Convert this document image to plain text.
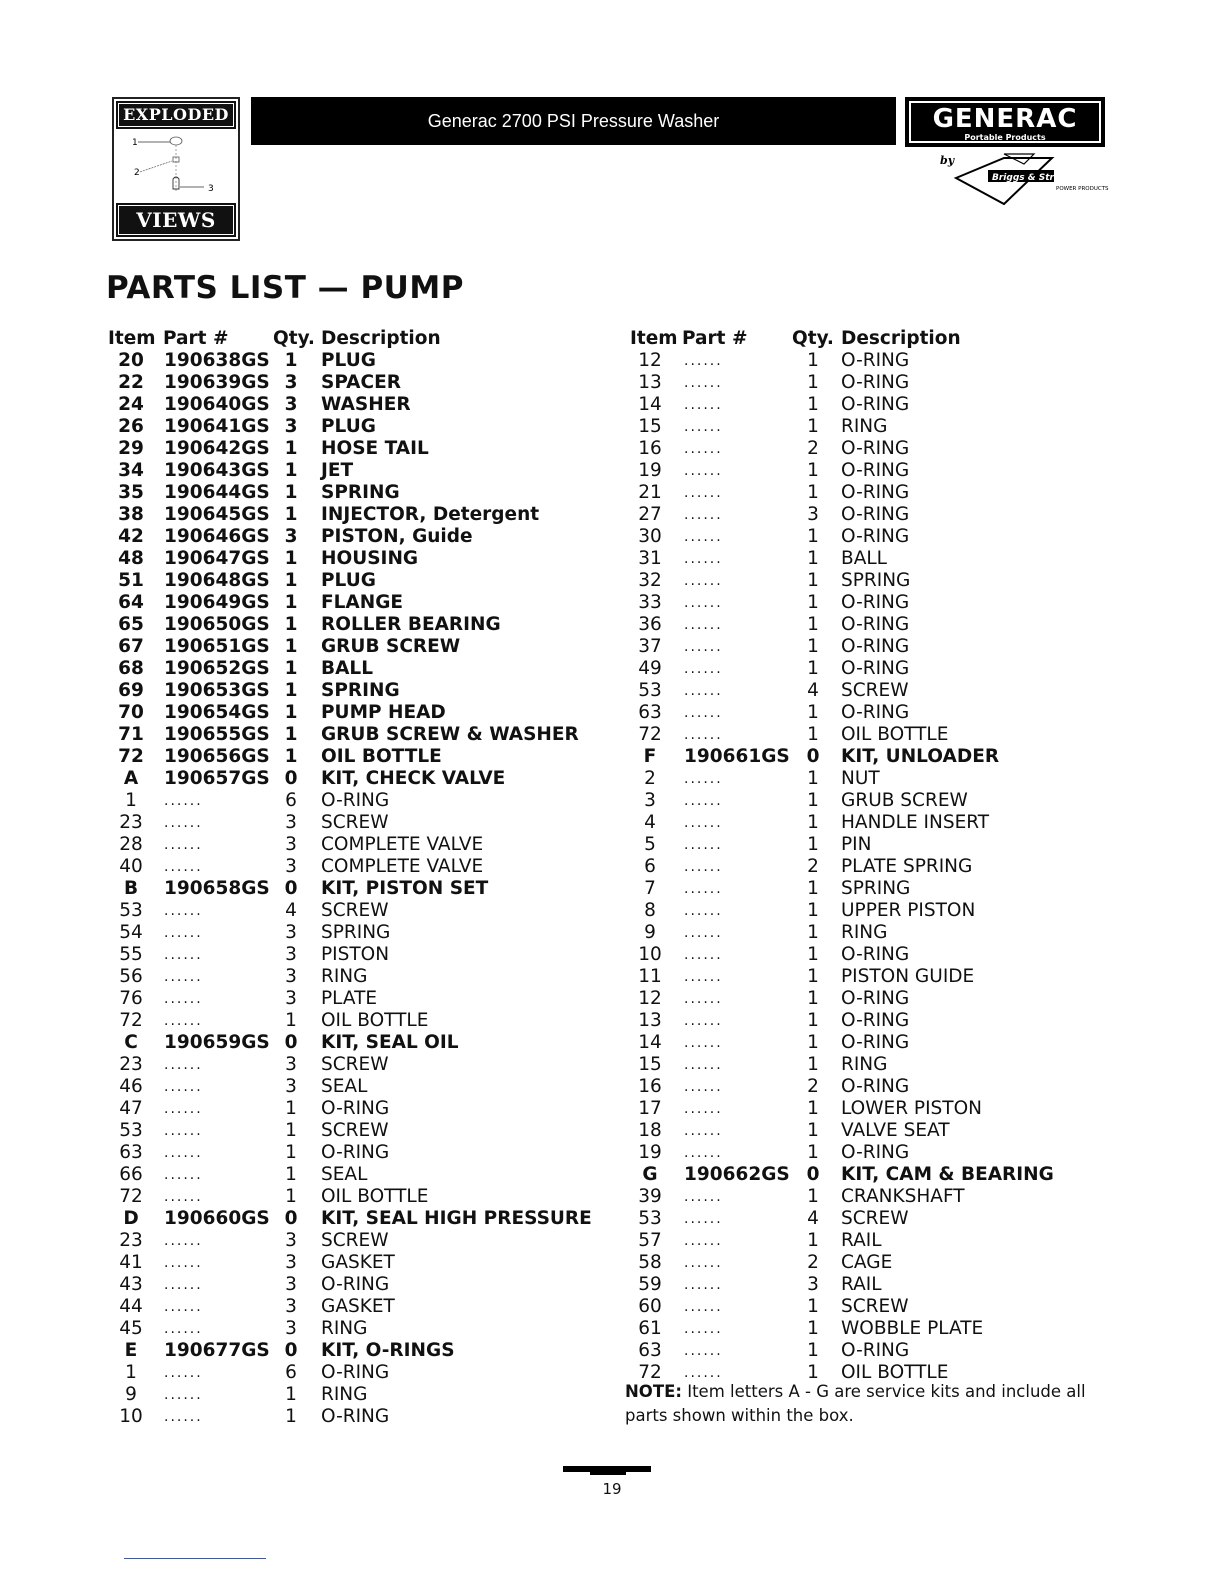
EXPLODED
1
2
3
VIEWS
Generac 2700 PSI Pressure Washer	GENERAC
Portable Products
by
Briggs & Stratton
POWER PRODUCTS
PARTS LIST — PUMP
Item Part # Qty. Description
20	190638GS 1 PLUG
22	190639GS 3 SPACER
24	190640GS 3 WASHER
26	190641GS 3 PLUG
29	190642GS 1 HOSE TAIL
34	190643GS 1 JET
35	190644GS 1 SPRING
38	190645GS 1 INJECTOR, Detergent
42	190646GS 3 PISTON, Guide
48	190647GS 1 HOUSING
51	190648GS 1 PLUG
64	190649GS 1 FLANGE
65	190650GS 1 ROLLER BEARING
67	190651GS 1 GRUB SCREW
68	190652GS 1 BALL
69	190653GS 1 SPRING
70	190654GS 1 PUMP HEAD
71	190655GS 1 GRUB SCREW & WASHER
72	190656GS 1 OIL BOTTLE
A	190657GS 0 KIT, CHECK VALVE
1	......	6 O-RING
23	......	3 SCREW
28	......	3 COMPLETE VALVE
40	......	3 COMPLETE VALVE
B	190658GS 0 KIT, PISTON SET
53	......	4 SCREW
54	......	3 SPRING
55	......	3 PISTON
56	......	3 RING
76	......	3 PLATE
72	......	1 OIL BOTTLE
C	190659GS 0 KIT, SEAL OIL
23	......	3 SCREW
46	......	3 SEAL
47	......	1 O-RING
53	......	1 SCREW
63	......	1 O-RING
66	......	1 SEAL
72	......	1 OIL BOTTLE
D	190660GS 0 KIT, SEAL HIGH PRESSURE
23	......	3 SCREW
41	......	3 GASKET
43	......	3 O-RING
44	......	3 GASKET
45	......	3 RING
E	190677GS 0 KIT, O-RINGS
1	......	6 O-RING
9	......	1 RING
10	......	1 O-RING
Item Part # Qty. Description
12	......	1 O-RING
13	......	1 O-RING
14	......	1 O-RING
15	......	1 RING
16	......	2 O-RING
19	......	1 O-RING
21	......	1 O-RING
27	......	3 O-RING
30	......	1 O-RING
31	......	1 BALL
32	......	1 SPRING
33	......	1 O-RING
36	......	1 O-RING
37	......	1 O-RING
49	......	1 O-RING
53	......	4 SCREW
63	......	1 O-RING
72	......	1 OIL BOTTLE
F	190661GS 0 KIT, UNLOADER
2	......	1 NUT
3	......	1 GRUB SCREW
4	......	1 HANDLE INSERT
5	......	1 PIN
6	......	2 PLATE SPRING
7	......	1 SPRING
8	......	1 UPPER PISTON
9	......	1 RING
10	......	1 O-RING
11	......	1 PISTON GUIDE
12	......	1 O-RING
13	......	1 O-RING
14	......	1 O-RING
15	......	1 RING
16	......	2 O-RING
17	......	1 LOWER PISTON
18	......	1 VALVE SEAT
19	......	1 O-RING
G	190662GS 0 KIT, CAM & BEARING
39	......	1 CRANKSHAFT
53	......	4 SCREW
57	......	1 RAIL
58	......	2 CAGE
59	......	3 RAIL
60	......	1 SCREW
61	......	1 WOBBLE PLATE
63	......	1 O-RING
72	......	1 OIL BOTTLE
NOTE: Item letters A - G are service kits and include all parts shown within the box.
19
